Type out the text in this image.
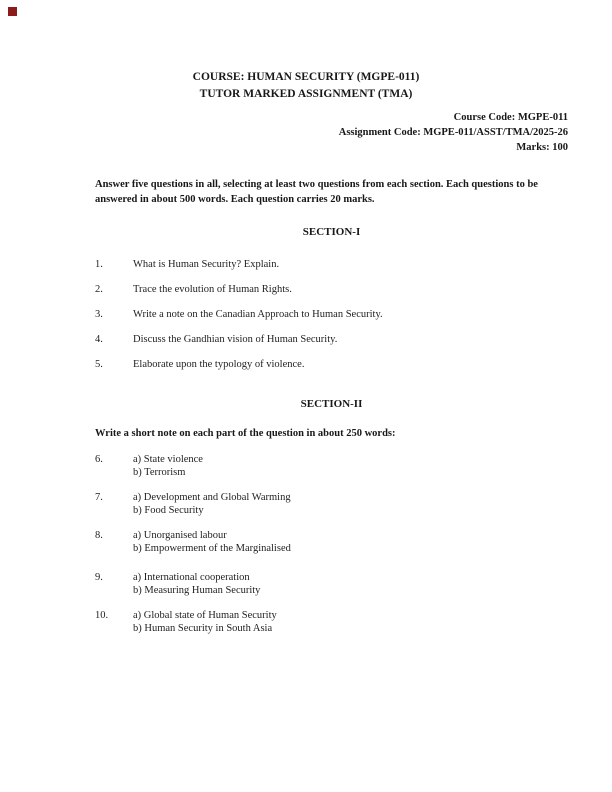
COURSE: HUMAN SECURITY (MGPE-011)
TUTOR MARKED ASSIGNMENT (TMA)
Course Code: MGPE-011
Assignment Code: MGPE-011/ASST/TMA/2025-26
Marks: 100
Answer five questions in all, selecting at least two questions from each section. Each questions to be
answered in about 500 words. Each question carries 20 marks.
SECTION-I
1.	What is Human Security? Explain.
2.	Trace the evolution of Human Rights.
3.	Write a note on the Canadian Approach to Human Security.
4.	Discuss the Gandhian vision of Human Security.
5.	Elaborate upon the typology of violence.
SECTION-II
Write a short note on each part of the question in about 250 words:
6.	a) State violence
b) Terrorism
7.	a) Development and Global Warming
b) Food Security
8.	a) Unorganised labour
b) Empowerment of the Marginalised
9.	a) International cooperation
b) Measuring Human Security
10.	a) Global state of Human Security
b) Human Security in South Asia
